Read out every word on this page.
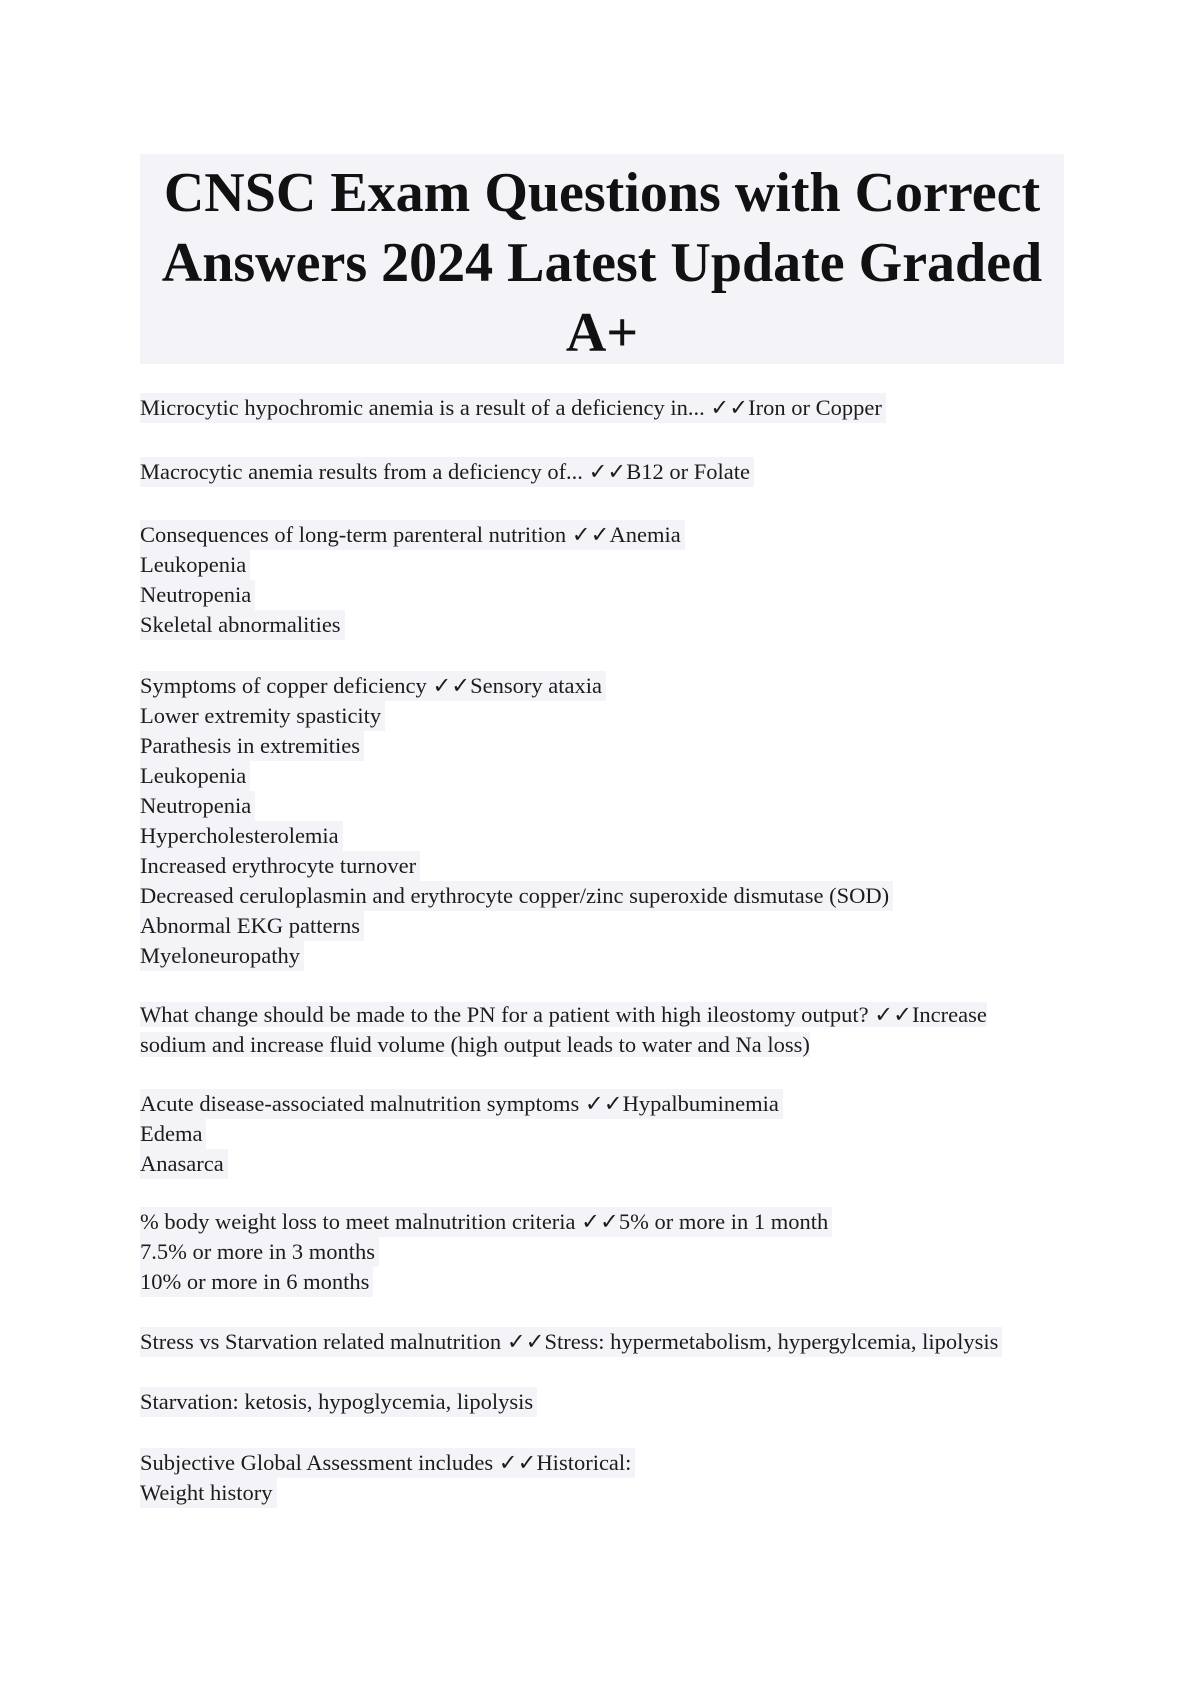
CNSC Exam Questions with Correct Answers 2024 Latest Update Graded A+
Microcytic hypochromic anemia is a result of a deficiency in... ✓✓Iron or Copper
Macrocytic anemia results from a deficiency of... ✓✓B12 or Folate
Consequences of long-term parenteral nutrition ✓✓Anemia
Leukopenia
Neutropenia
Skeletal abnormalities
Symptoms of copper deficiency ✓✓Sensory ataxia
Lower extremity spasticity
Parathesis in extremities
Leukopenia
Neutropenia
Hypercholesterolemia
Increased erythrocyte turnover
Decreased ceruloplasmin and erythrocyte copper/zinc superoxide dismutase (SOD)
Abnormal EKG patterns
Myeloneuropathy
What change should be made to the PN for a patient with high ileostomy output? ✓✓Increase sodium and increase fluid volume (high output leads to water and Na loss)
Acute disease-associated malnutrition symptoms ✓✓Hypalbuminemia
Edema
Anasarca
% body weight loss to meet malnutrition criteria ✓✓5% or more in 1 month
7.5% or more in 3 months
10% or more in 6 months
Stress vs Starvation related malnutrition ✓✓Stress: hypermetabolism, hypergylcemia, lipolysis
Starvation: ketosis, hypoglycemia, lipolysis
Subjective Global Assessment includes ✓✓Historical:
Weight history
